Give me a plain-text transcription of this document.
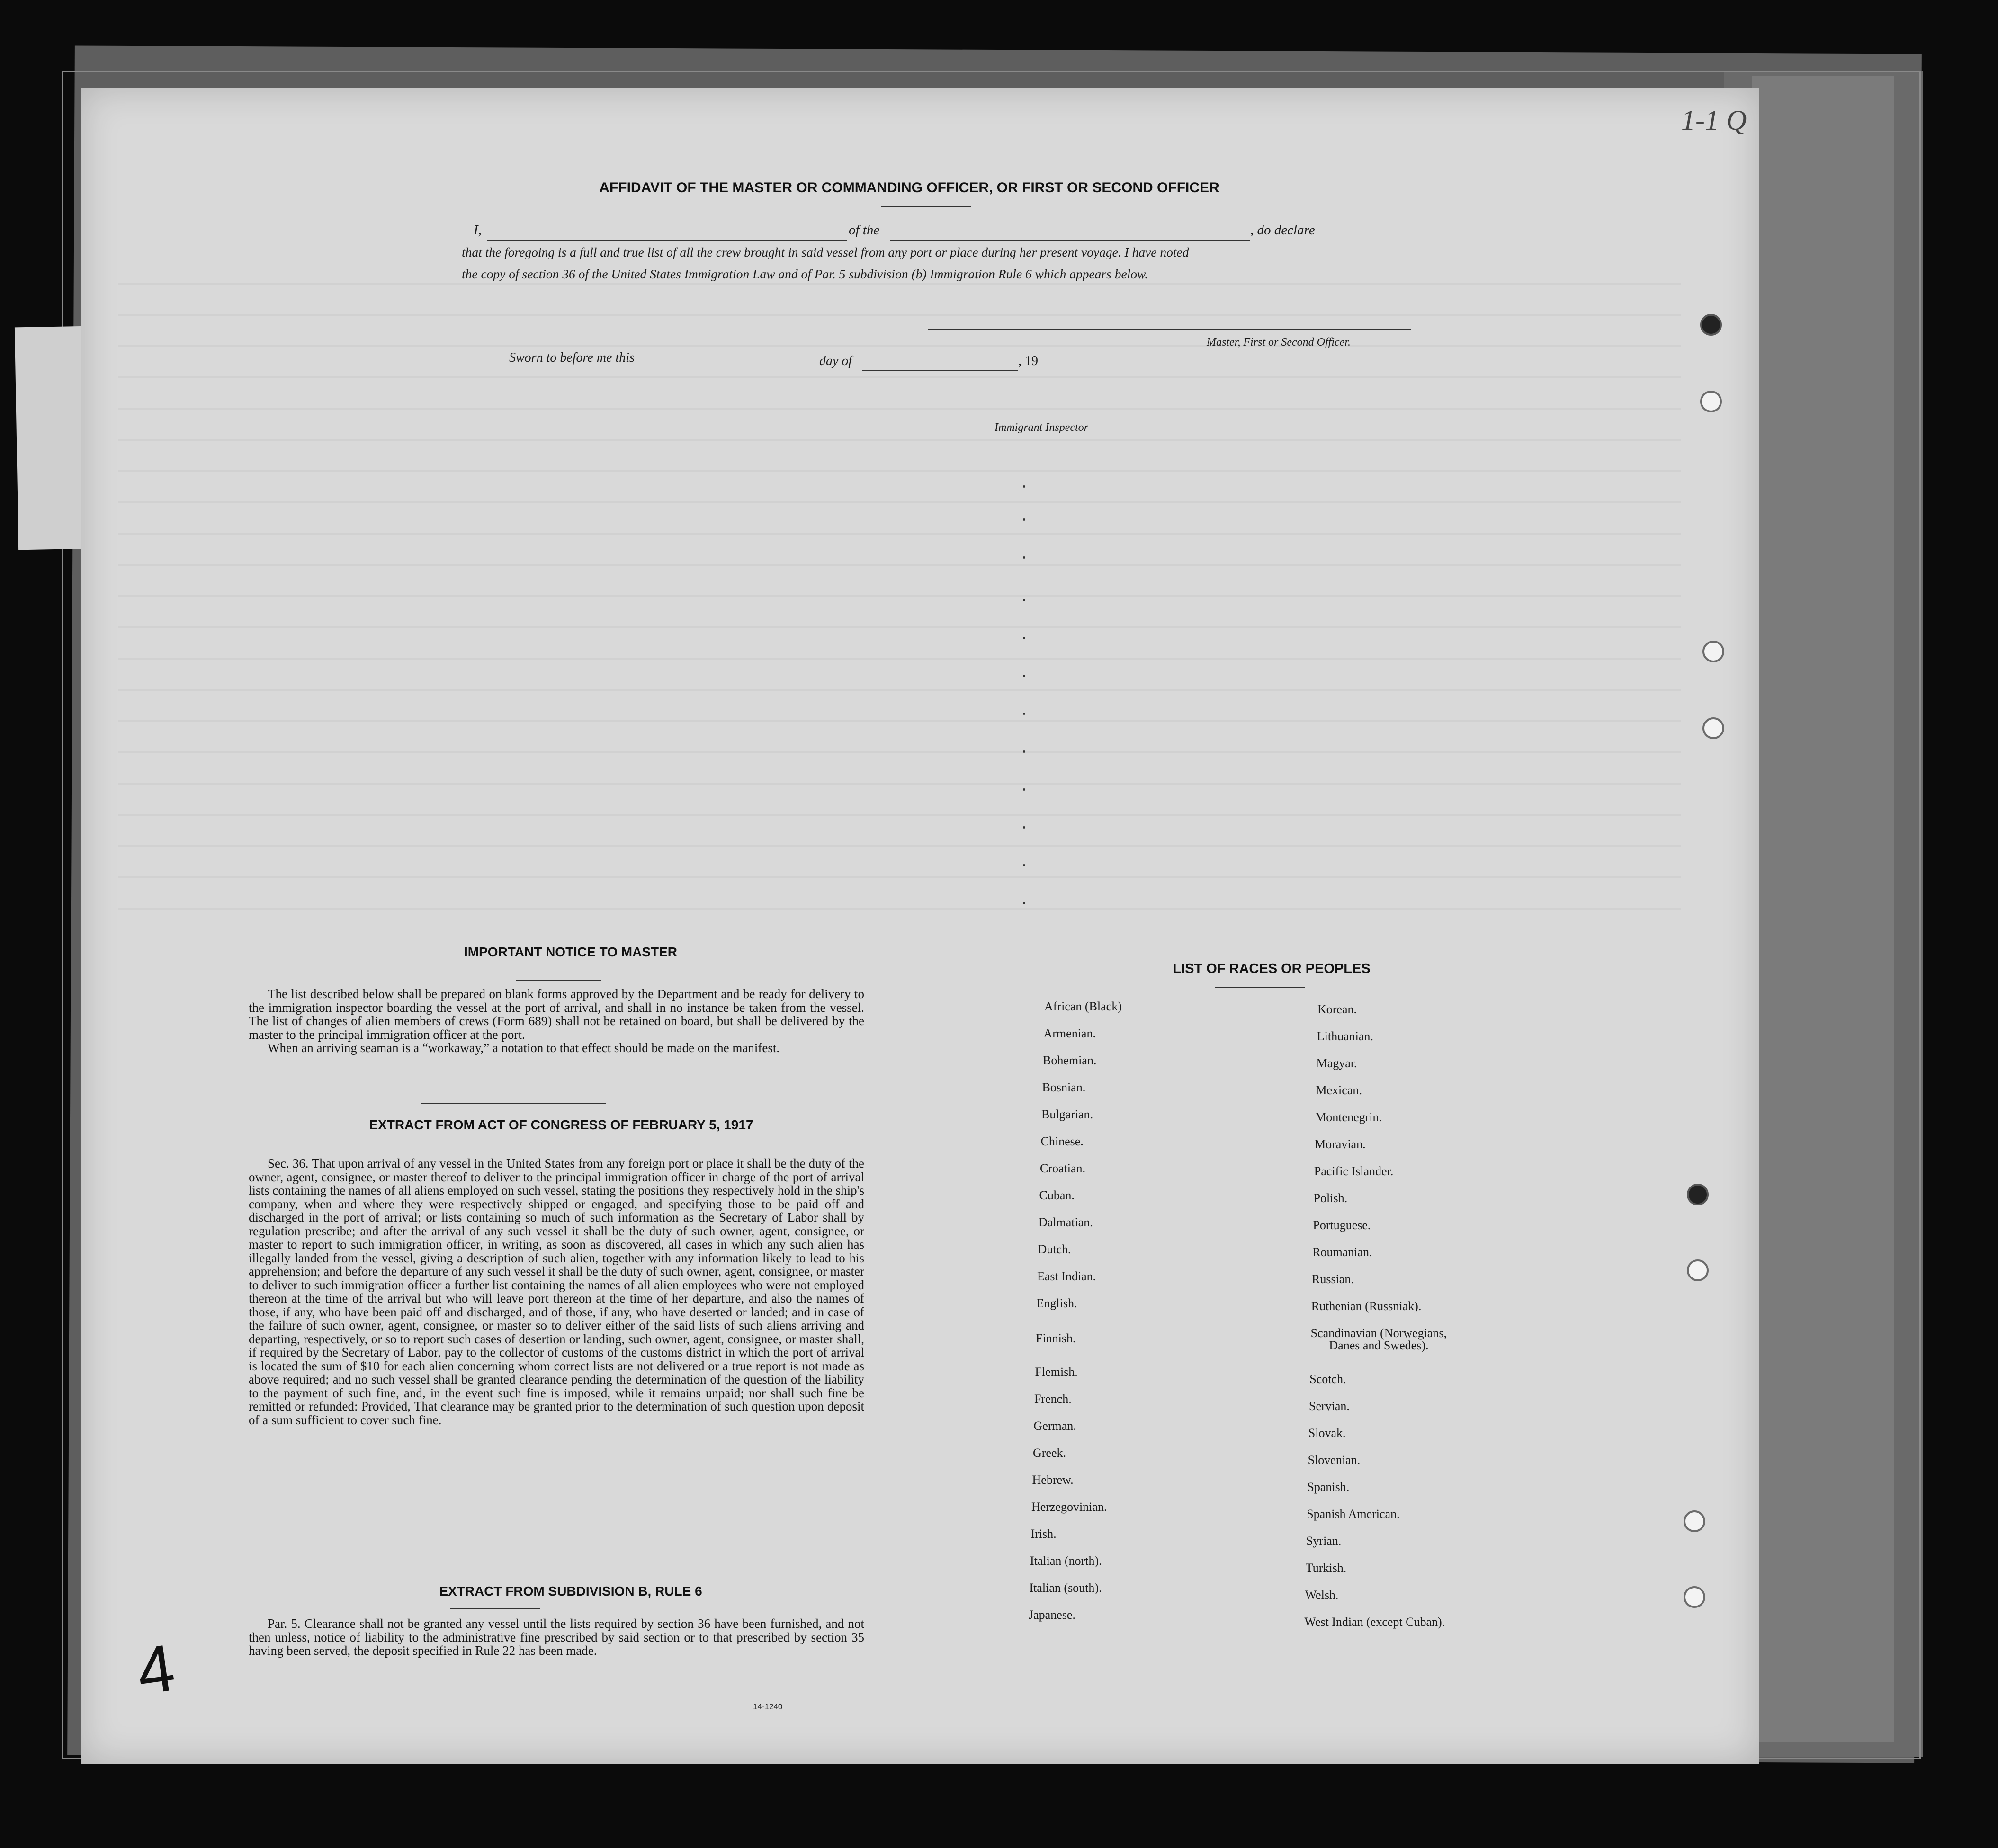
1-1 Q
AFFIDAVIT OF THE MASTER OR COMMANDING OFFICER, OR FIRST OR SECOND OFFICER
I,	of the	, do declare
that the foregoing is a full and true list of all the crew brought in said vessel from any port or place during her present voyage. I have noted
the copy of section 36 of the United States Immigration Law and of Par. 5 subdivision (b) Immigration Rule 6 which appears below.
Master, First or Second Officer.
Sworn to before me this	day of	, 19
Immigrant Inspector
IMPORTANT NOTICE TO MASTER

The list described below shall be prepared on blank forms approved by the Department and be ready for delivery to the immigration inspector boarding the vessel at the port of arrival, and shall in no instance be taken from the vessel. The list of changes of alien members of crews (Form 689) shall not be retained on board, but shall be delivered by the master to the principal immigration officer at the port.

When an arriving seaman is a “workaway,” a notation to that effect should be made on the manifest.

EXTRACT FROM ACT OF CONGRESS OF FEBRUARY 5, 1917

Sec. 36. That upon arrival of any vessel in the United States from any foreign port or place it shall be the duty of the owner, agent, consignee, or master thereof to deliver to the principal immigration officer in charge of the port of arrival lists containing the names of all aliens employed on such vessel, stating the positions they respectively hold in the ship's company, when and where they were respectively shipped or engaged, and specifying those to be paid off and discharged in the port of arrival; or lists containing so much of such information as the Secretary of Labor shall by regulation prescribe; and after the arrival of any such vessel it shall be the duty of such owner, agent, consignee, or master to report to such immigration officer, in writing, as soon as discovered, all cases in which any such alien has illegally landed from the vessel, giving a description of such alien, together with any information likely to lead to his apprehension; and before the departure of any such vessel it shall be the duty of such owner, agent, consignee, or master to deliver to such immigration officer a further list containing the names of all alien employees who were not employed thereon at the time of the arrival but who will leave port thereon at the time of her departure, and also the names of those, if any, who have been paid off and discharged, and of those, if any, who have deserted or landed; and in case of the failure of such owner, agent, consignee, or master so to deliver either of the said lists of such aliens arriving and departing, respectively, or so to report such cases of desertion or landing, such owner, agent, consignee, or master shall, if required by the Secretary of Labor, pay to the collector of customs of the customs district in which the port of arrival is located the sum of $10 for each alien concerning whom correct lists are not delivered or a true report is not made as above required; and no such vessel shall be granted clearance pending the determination of the question of the liability to the payment of such fine, and, in the event such fine is imposed, while it remains unpaid; nor shall such fine be remitted or refunded: Provided, That clearance may be granted prior to the determination of such question upon deposit of a sum sufficient to cover such fine.

EXTRACT FROM SUBDIVISION B, RULE 6

Par. 5. Clearance shall not be granted any vessel until the lists required by section 36 have been furnished, and not then unless, notice of liability to the administrative fine prescribed by said section or to that prescribed by section 35 having been served, the deposit specified in Rule 22 has been made.

14-1240
4
LIST OF RACES OR PEOPLES
African (Black)
Armenian.
Bohemian.
Bosnian.
Bulgarian.
Chinese.
Croatian.
Cuban.
Dalmatian.
Dutch.
East Indian.
English.
Finnish.
Flemish.
French.
German.
Greek.
Hebrew.
Herzegovinian.
Irish.
Italian (north).
Italian (south).
Japanese.
Korean.
Lithuanian.
Magyar.
Mexican.
Montenegrin.
Moravian.
Pacific Islander.
Polish.
Portuguese.
Roumanian.
Russian.
Ruthenian (Russniak).
Scandinavian (Norwegians,
Danes and Swedes).
Scotch.
Servian.
Slovak.
Slovenian.
Spanish.
Spanish American.
Syrian.
Turkish.
Welsh.
West Indian (except Cuban).
